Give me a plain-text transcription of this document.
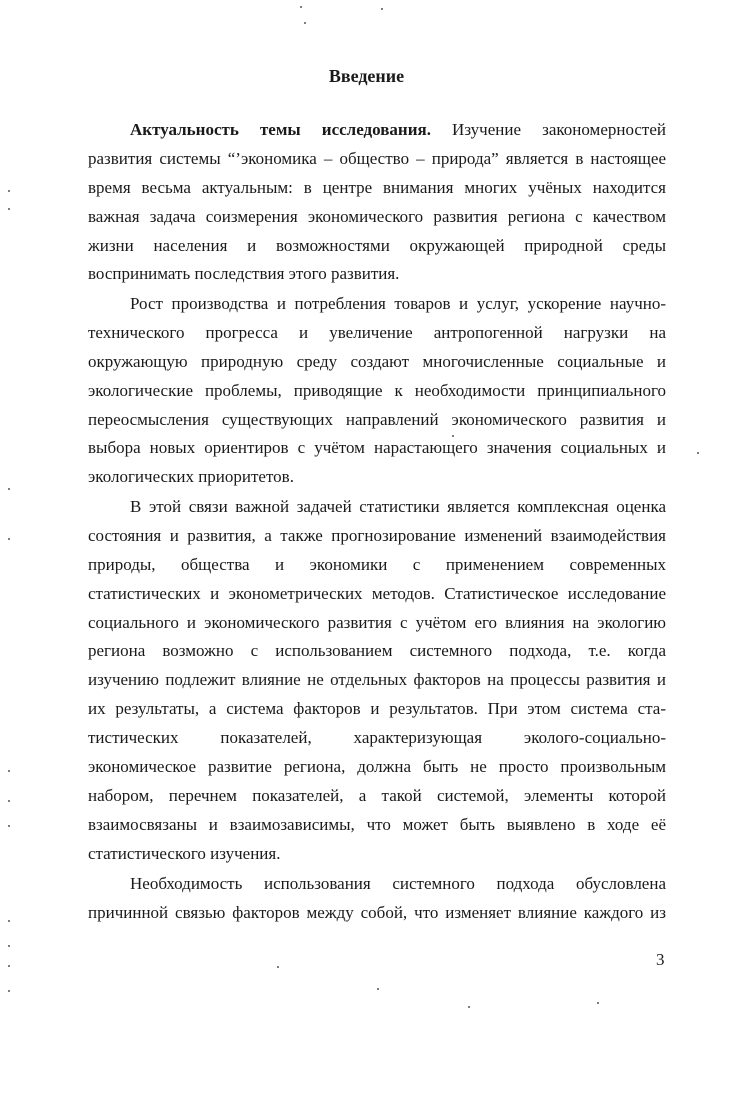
Введение
Актуальность темы исследования. Изучение закономерностей
развития системы “’экономика – общество – природа” является в настоящее
время весьма актуальным: в центре внимания многих учёных находится
важная задача соизмерения экономического развития региона с качеством
жизни населения и возможностями окружающей природной среды
воспринимать последствия этого развития.
Рост производства и потребления товаров и услуг, ускорение научно-
технического прогресса и увеличение антропогенной нагрузки на
окружающую природную среду создают многочисленные социальные и
экологические проблемы, приводящие к необходимости принципиального
переосмысления существующих направлений экономического развития и
выбора новых ориентиров с учётом нарастающего значения социальных и
экологических приоритетов.
В этой связи важной задачей статистики является комплексная оценка
состояния и развития, а также прогнозирование изменений взаимодействия
природы, общества и экономики с применением современных
статистических и эконометрических методов. Статистическое исследование
социального и экономического развития с учётом его влияния на экологию
региона возможно с использованием системного подхода, т.е. когда
изучению подлежит влияние не отдельных факторов на процессы развития и
их результаты, а система факторов и результатов. При этом система ста-
тистических показателей, характеризующая эколого-социально-
экономическое развитие региона, должна быть не просто произвольным
набором, перечнем показателей, а такой системой, элементы которой
взаимосвязаны и взаимозависимы, что может быть выявлено в ходе её
статистического изучения.
Необходимость использования системного подхода обусловлена
причинной связью факторов между собой, что изменяет влияние каждого из
3
